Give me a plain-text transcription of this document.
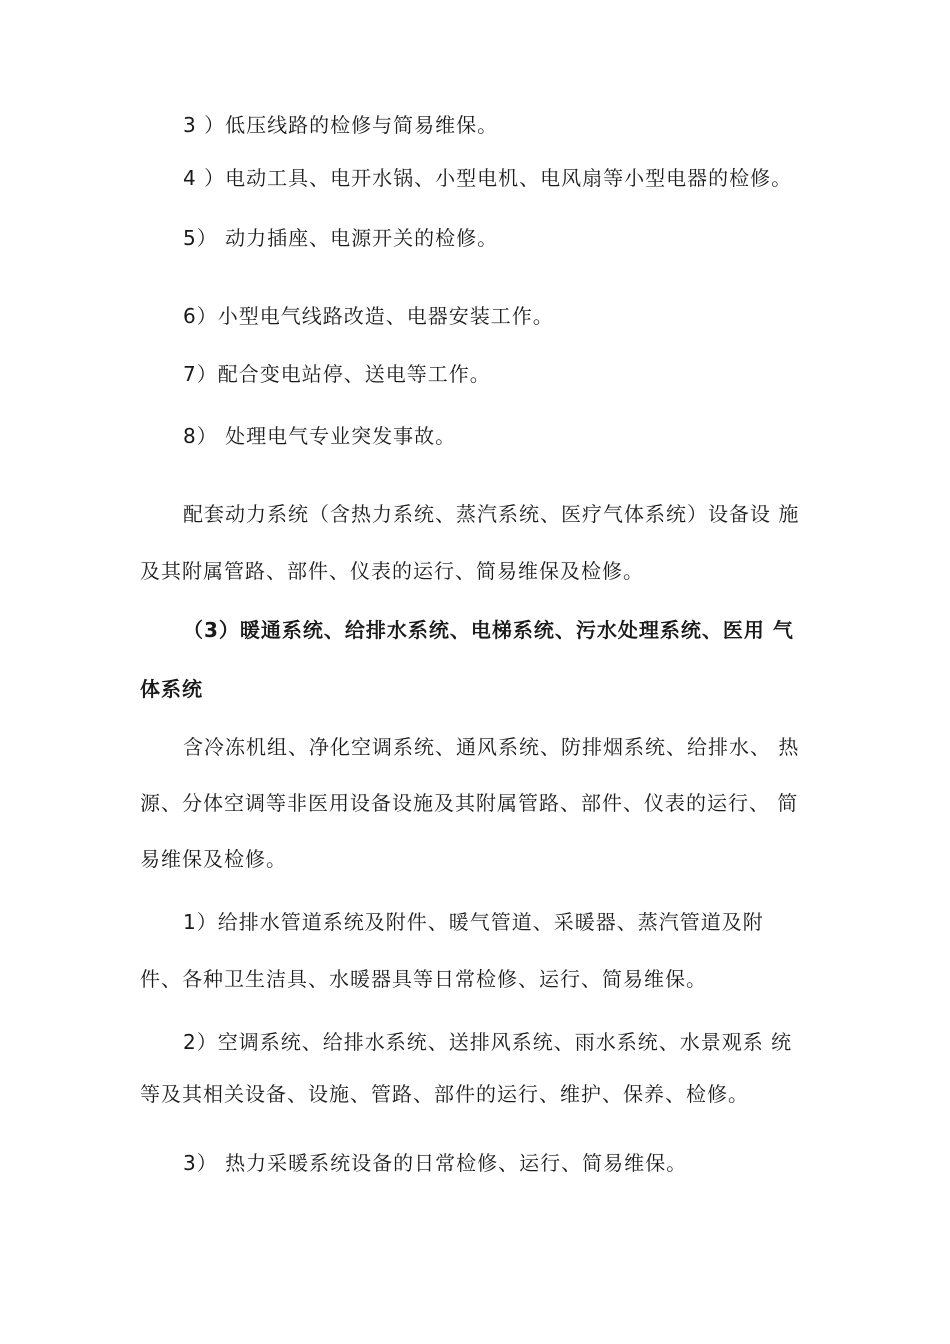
3 ）低压线路的检修与简易维保。
4 ）电动工具、电开水锅、小型电机、电风扇等小型电器的检修。
5） 动力插座、电源开关的检修。
6）小型电气线路改造、电器安装工作。
7）配合变电站停、送电等工作。
8） 处理电气专业突发事故。
配套动力系统（含热力系统、蒸汽系统、医疗气体系统）设备设 施
及其附属管路、部件、仪表的运行、简易维保及检修。
（3）暖通系统、给排水系统、电梯系统、污水处理系统、医用 气
体系统
含冷冻机组、净化空调系统、通风系统、防排烟系统、给排水、 热
源、分体空调等非医用设备设施及其附属管路、部件、仪表的运行、 简
易维保及检修。
1）给排水管道系统及附件、暖气管道、采暖器、蒸汽管道及附
件、各种卫生洁具、水暖器具等日常检修、运行、简易维保。
2）空调系统、给排水系统、送排风系统、雨水系统、水景观系 统
等及其相关设备、设施、管路、部件的运行、维护、保养、检修。
3） 热力采暖系统设备的日常检修、运行、简易维保。
